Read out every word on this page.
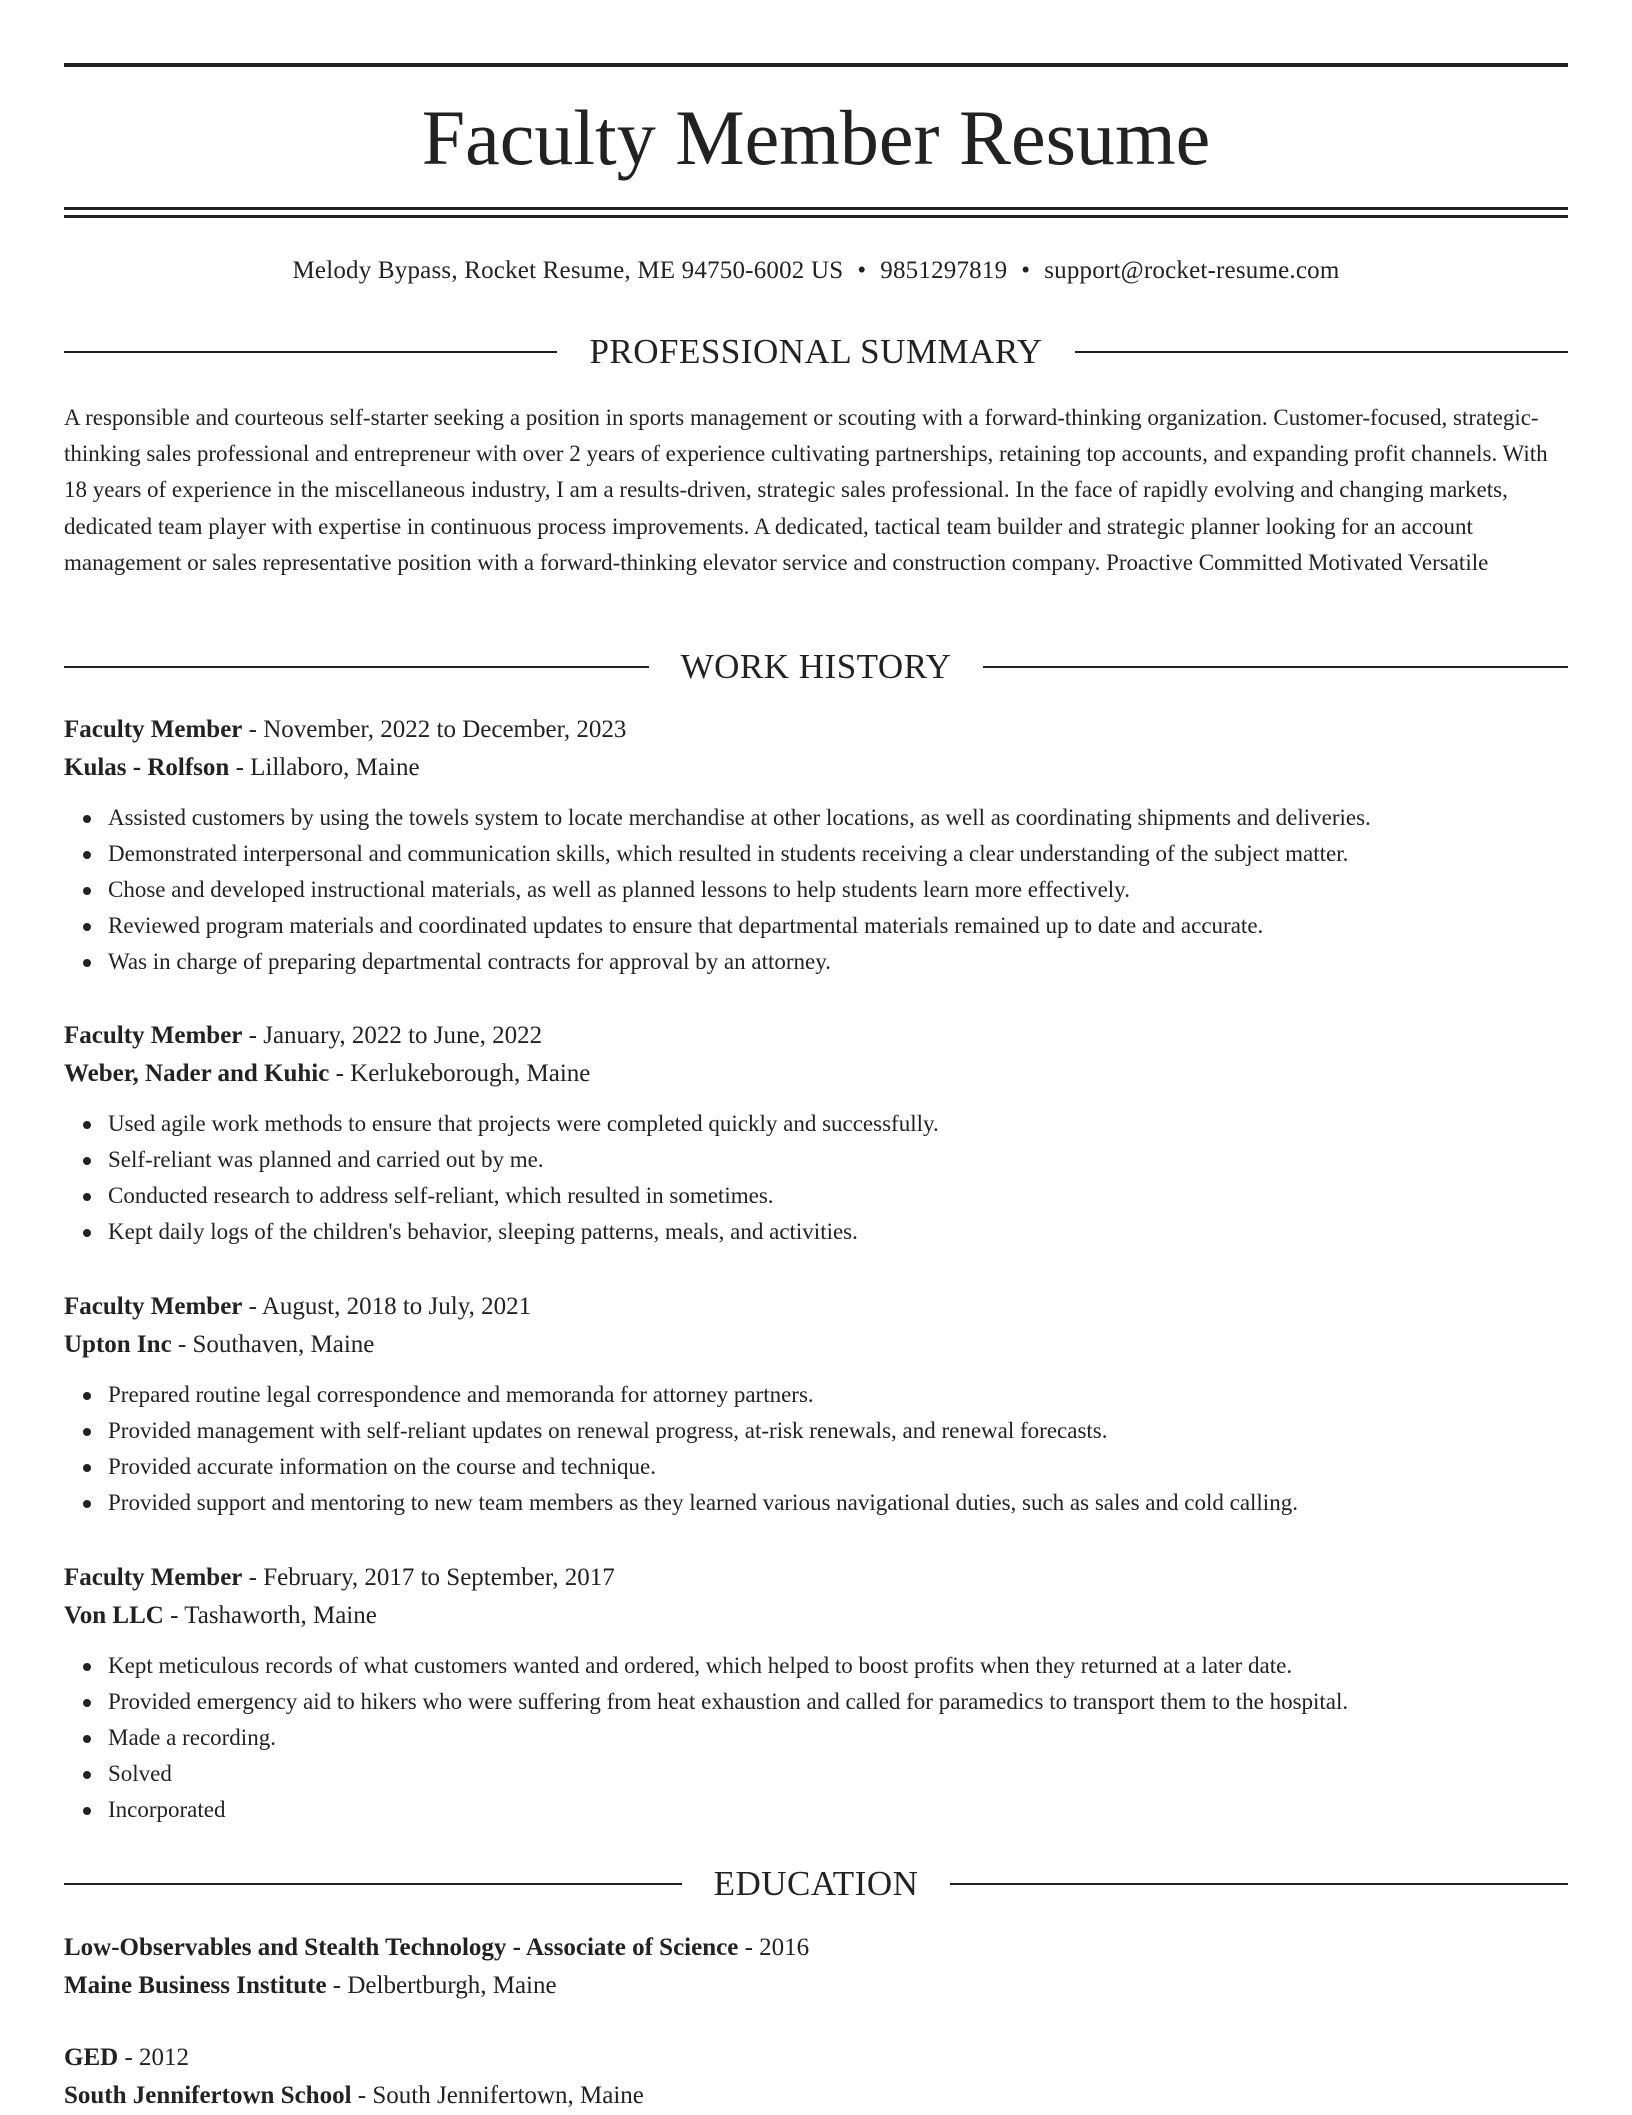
Faculty Member Resume
Melody Bypass, Rocket Resume, ME 94750-6002 US • 9851297819 • support@rocket-resume.com
PROFESSIONAL SUMMARY

A responsible and courteous self-starter seeking a position in sports management or scouting with a forward-thinking organization. Customer-focused, strategic-thinking sales professional and entrepreneur with over 2 years of experience cultivating partnerships, retaining top accounts, and expanding profit channels. With 18 years of experience in the miscellaneous industry, I am a results-driven, strategic sales professional. In the face of rapidly evolving and changing markets, dedicated team player with expertise in continuous process improvements. A dedicated, tactical team builder and strategic planner looking for an account management or sales representative position with a forward-thinking elevator service and construction company. Proactive Committed Motivated Versatile

WORK HISTORY

Faculty Member - November, 2022 to December, 2023

Kulas - Rolfson - Lillaboro, Maine

Assisted customers by using the towels system to locate merchandise at other locations, as well as coordinating shipments and deliveries.
Demonstrated interpersonal and communication skills, which resulted in students receiving a clear understanding of the subject matter.
Chose and developed instructional materials, as well as planned lessons to help students learn more effectively.
Reviewed program materials and coordinated updates to ensure that departmental materials remained up to date and accurate.
Was in charge of preparing departmental contracts for approval by an attorney.

Faculty Member - January, 2022 to June, 2022

Weber, Nader and Kuhic - Kerlukeborough, Maine

Used agile work methods to ensure that projects were completed quickly and successfully.
Self-reliant was planned and carried out by me.
Conducted research to address self-reliant, which resulted in sometimes.
Kept daily logs of the children's behavior, sleeping patterns, meals, and activities.

Faculty Member - August, 2018 to July, 2021

Upton Inc - Southaven, Maine

Prepared routine legal correspondence and memoranda for attorney partners.
Provided management with self-reliant updates on renewal progress, at-risk renewals, and renewal forecasts.
Provided accurate information on the course and technique.
Provided support and mentoring to new team members as they learned various navigational duties, such as sales and cold calling.

Faculty Member - February, 2017 to September, 2017

Von LLC - Tashaworth, Maine

Kept meticulous records of what customers wanted and ordered, which helped to boost profits when they returned at a later date.
Provided emergency aid to hikers who were suffering from heat exhaustion and called for paramedics to transport them to the hospital.
Made a recording.
Solved
Incorporated
EDUCATION

Low-Observables and Stealth Technology - Associate of Science - 2016

Maine Business Institute - Delbertburgh, Maine

GED - 2012

South Jennifertown School - South Jennifertown, Maine
